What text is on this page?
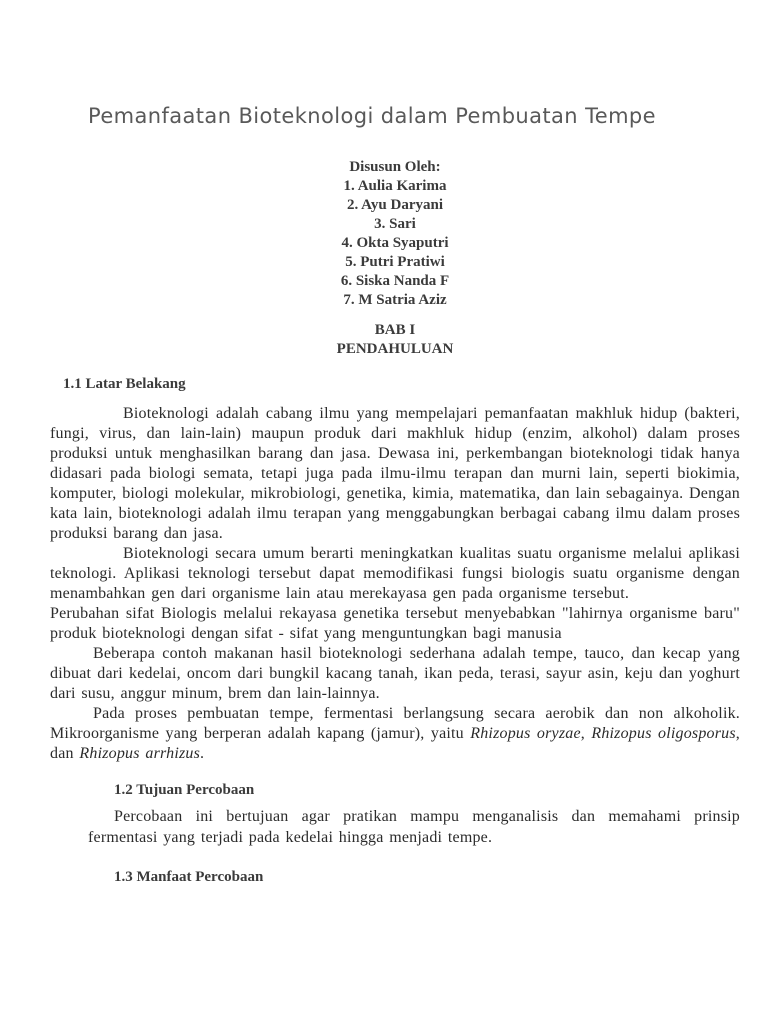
Pemanfaatan Bioteknologi dalam Pembuatan Tempe
Disusun Oleh:
1. Aulia Karima
2. Ayu Daryani
3. Sari
4. Okta Syaputri
5. Putri Pratiwi
6. Siska Nanda F
7. M Satria Aziz
BAB I
PENDAHULUAN
1.1 Latar Belakang

Bioteknologi adalah cabang ilmu yang mempelajari pemanfaatan makhluk hidup (bakteri, fungi, virus, dan lain-lain) maupun produk dari makhluk hidup (enzim, alkohol) dalam proses produksi untuk menghasilkan barang dan jasa. Dewasa ini, perkembangan bioteknologi tidak hanya didasari pada biologi semata, tetapi juga pada ilmu-ilmu terapan dan murni lain, seperti biokimia, komputer, biologi molekular, mikrobiologi, genetika, kimia, matematika, dan lain sebagainya. Dengan kata lain, bioteknologi adalah ilmu terapan yang menggabungkan berbagai cabang ilmu dalam proses produksi barang dan jasa.

Bioteknologi secara umum berarti meningkatkan kualitas suatu organisme melalui aplikasi teknologi. Aplikasi teknologi tersebut dapat memodifikasi fungsi biologis suatu organisme dengan menambahkan gen dari organisme lain atau merekayasa gen pada organisme tersebut.

Perubahan sifat Biologis melalui rekayasa genetika tersebut menyebabkan "lahirnya organisme baru" produk bioteknologi dengan sifat - sifat yang menguntungkan bagi manusia

Beberapa contoh makanan hasil bioteknologi sederhana adalah tempe, tauco, dan kecap yang dibuat dari kedelai, oncom dari bungkil kacang tanah, ikan peda, terasi, sayur asin, keju dan yoghurt dari susu, anggur minum, brem dan lain-lainnya.

Pada proses pembuatan tempe, fermentasi berlangsung secara aerobik dan non alkoholik. Mikroorganisme yang berperan adalah kapang (jamur), yaitu Rhizopus oryzae, Rhizopus oligosporus, dan Rhizopus arrhizus.

1.2 Tujuan Percobaan

Percobaan ini bertujuan agar pratikan mampu menganalisis dan memahami prinsip fermentasi yang terjadi pada kedelai hingga menjadi tempe.

1.3 Manfaat Percobaan
